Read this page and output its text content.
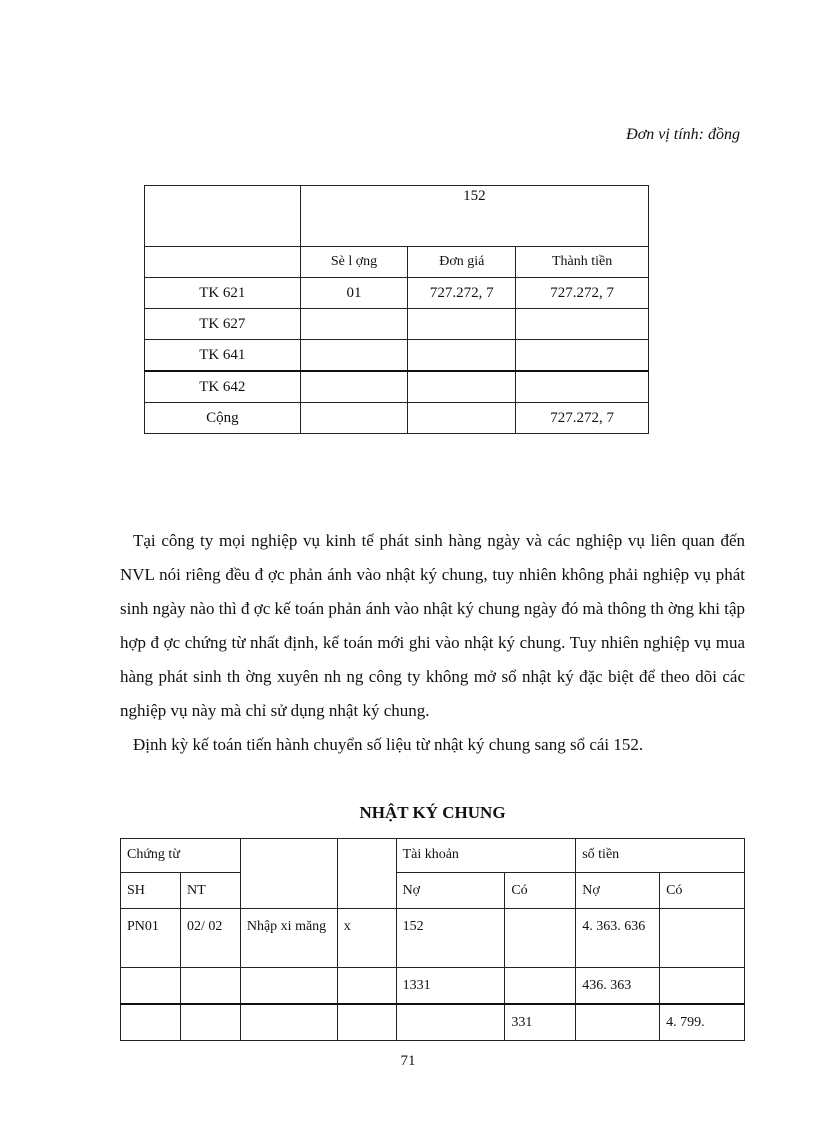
Đơn vị tính: đồng
	152		
	Sè l ợng	Đơn giá	Thành tiền
TK 621	01	727.272, 7	727.272, 7
TK 627			
TK 641			
TK 642			
Cộng			727.272, 7

Tại công ty mọi nghiệp vụ kinh tế phát sinh hàng ngày và các nghiệp vụ liên quan đến NVL nói riêng đều đ ợc phản ánh vào nhật ký chung, tuy nhiên không phải nghiệp vụ phát sinh ngày nào thì đ ợc kế toán phản ánh vào nhật ký chung ngày đó mà thông th ờng khi tập hợp đ ợc chứng từ nhất định, kế toán mới ghi vào nhật ký chung. Tuy nhiên nghiệp vụ mua hàng phát sinh th ờng xuyên nh ng công ty không mở sổ nhật ký đặc biệt để theo dõi các nghiệp vụ này mà chỉ sử dụng nhật ký chung.

Định kỳ kế toán tiến hành chuyển số liệu từ nhật ký chung sang sổ cái 152.

NHẬT KÝ CHUNG
Chứng từ				Tài khoản		số tiền	
SH	NT			Nợ	Có	Nợ	Có
PN01	02/ 02	Nhập xi măng	x	152		4. 363. 636	
				1331		436. 363	
					331		4. 799.
71
